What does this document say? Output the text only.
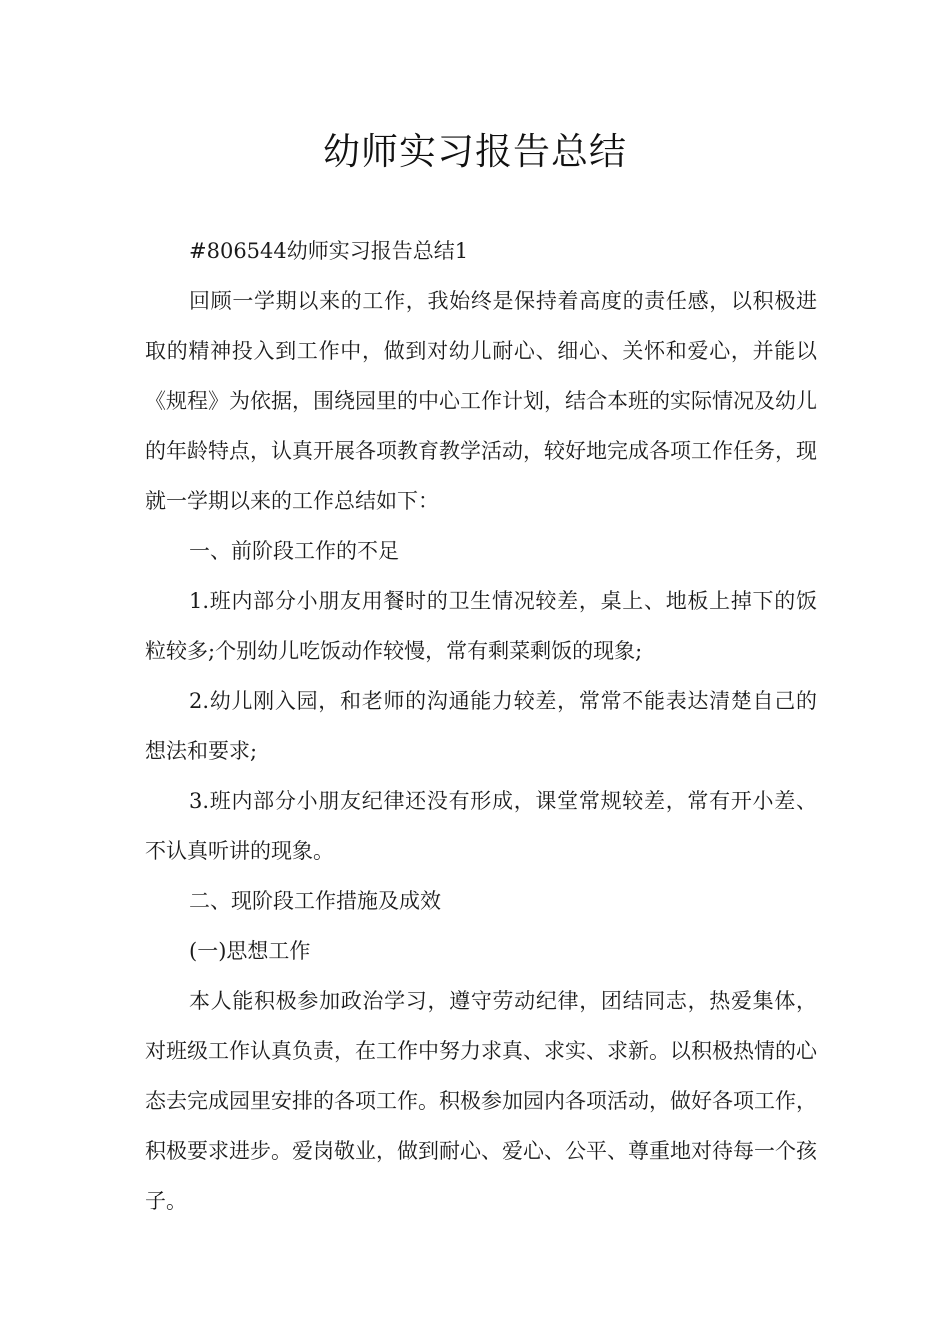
幼师实习报告总结

#806544幼师实习报告总结1

回顾一学期以来的工作，我始终是保持着高度的责任感，以积极进取的精神投入到工作中，做到对幼儿耐心、细心、关怀和爱心，并能以《规程》为依据，围绕园里的中心工作计划，结合本班的实际情况及幼儿的年龄特点，认真开展各项教育教学活动，较好地完成各项工作任务，现就一学期以来的工作总结如下：

一、前阶段工作的不足

1.班内部分小朋友用餐时的卫生情况较差，桌上、地板上掉下的饭粒较多;个别幼儿吃饭动作较慢，常有剩菜剩饭的现象;

2.幼儿刚入园，和老师的沟通能力较差，常常不能表达清楚自己的想法和要求;

3.班内部分小朋友纪律还没有形成，课堂常规较差，常有开小差、不认真听讲的现象。

二、现阶段工作措施及成效

(一)思想工作

本人能积极参加政治学习，遵守劳动纪律，团结同志，热爱集体，对班级工作认真负责，在工作中努力求真、求实、求新。以积极热情的心态去完成园里安排的各项工作。积极参加园内各项活动，做好各项工作，积极要求进步。爱岗敬业，做到耐心、爱心、公平、尊重地对待每一个孩子。
